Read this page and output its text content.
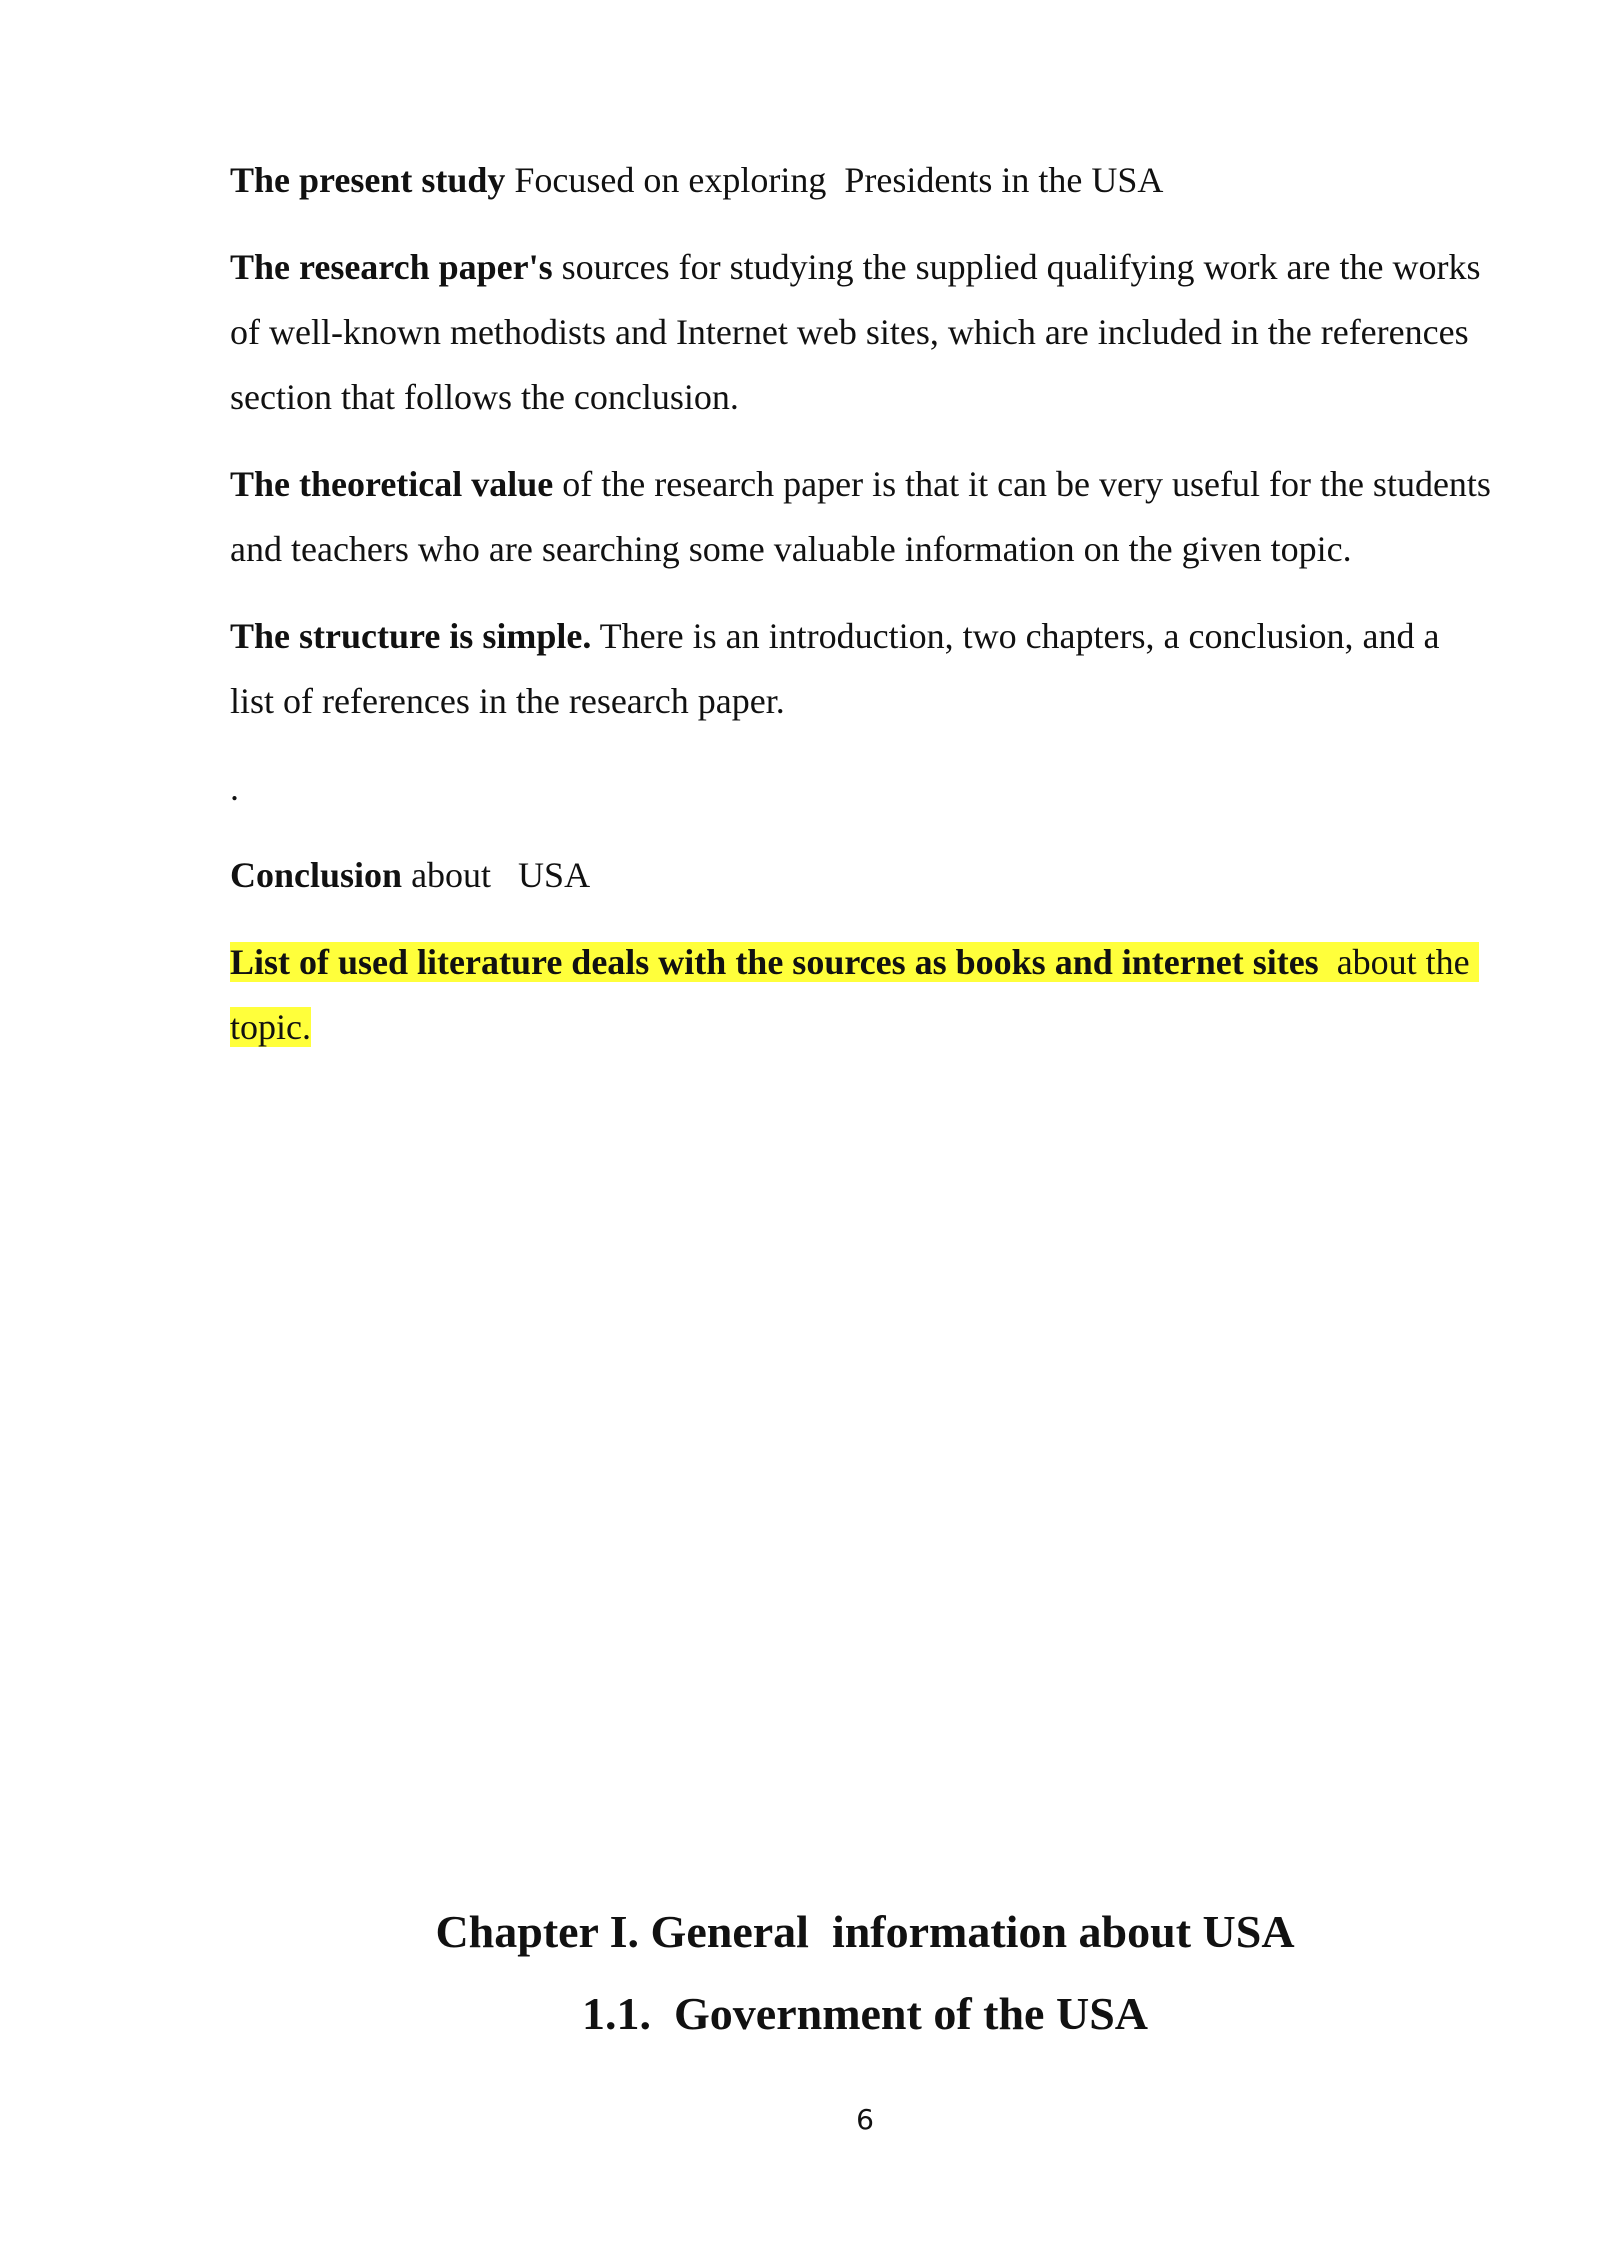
The present study Focused on exploring  Presidents in the USA

The research paper's sources for studying the supplied qualifying work are the works of well-known methodists and Internet web sites, which are included in the references section that follows the conclusion.

The theoretical value of the research paper is that it can be very useful for the students and teachers who are searching some valuable information on the given topic.

The structure is simple. There is an introduction, two chapters, a conclusion, and a list of references in the research paper.

.

Conclusion about   USA

List of used literature deals with the sources as books and internet sites  about the topic.

Chapter I. General  information about USA
1.1.  Government of the USA
6
